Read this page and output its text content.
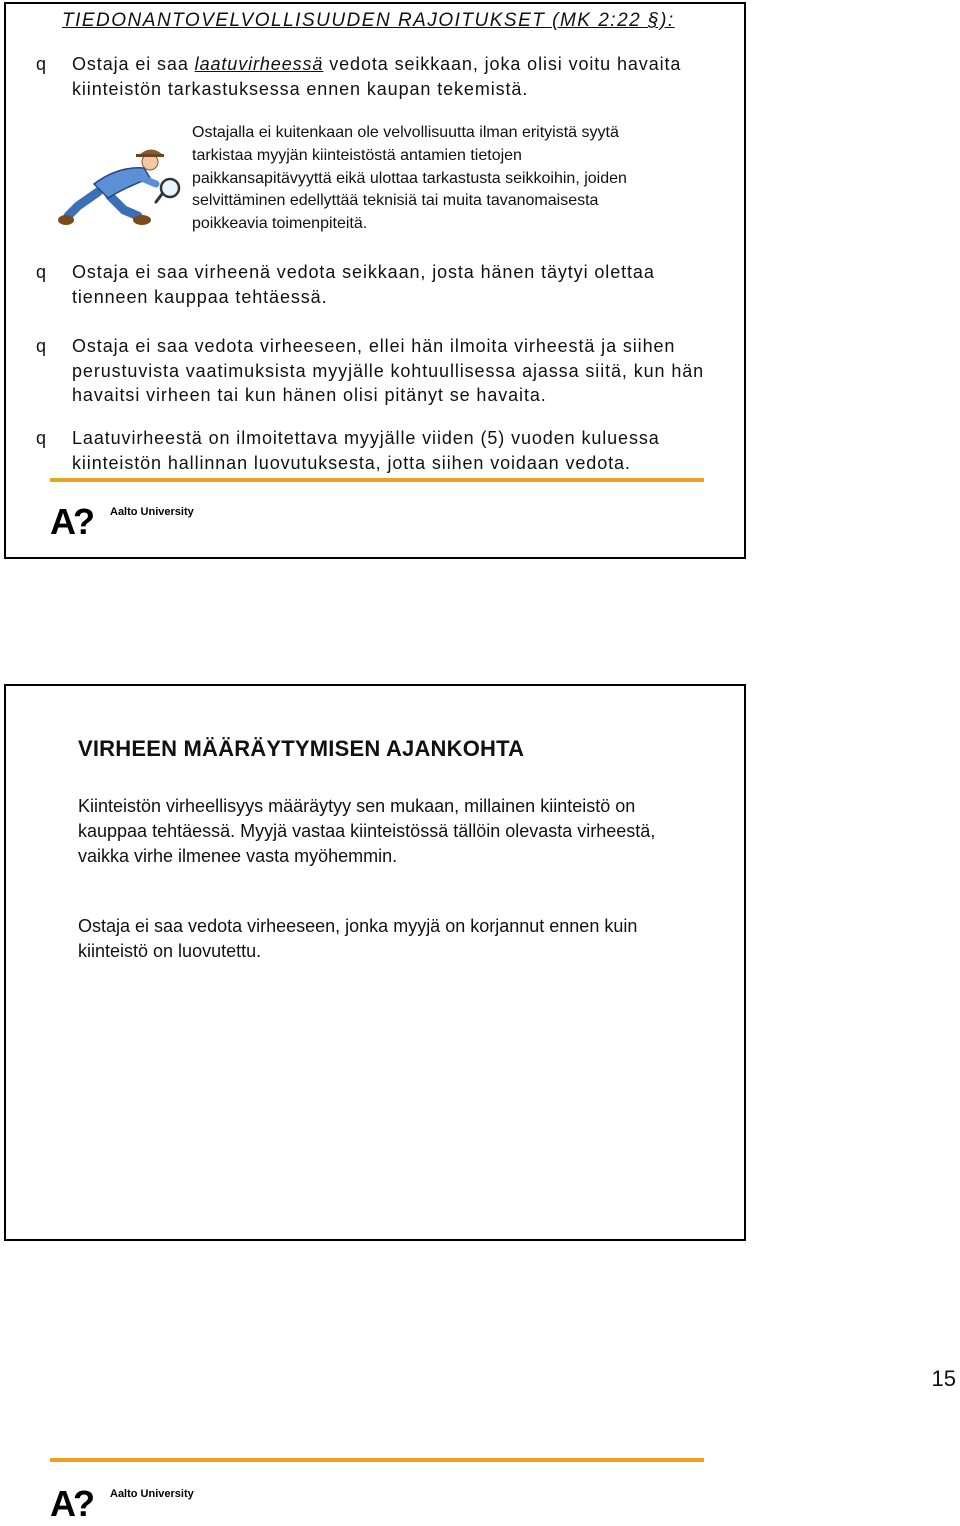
TIEDONANTOVELVOLLISUUDEN RAJOITUKSET (MK 2:22 §):
q Ostaja ei saa laatuvirheessä vedota seikkaan, joka olisi voitu havaita kiinteistön tarkastuksessa ennen kaupan tekemistä.
Ostajalla ei kuitenkaan ole velvollisuutta ilman erityistä syytä tarkistaa myyjän kiinteistöstä antamien tietojen paikkansapitävyyttä eikä ulottaa tarkastusta seikkoihin, joiden selvittäminen edellyttää teknisiä tai muita tavanomaisesta poikkeavia toimenpiteitä.
q Ostaja ei saa virheenä vedota seikkaan, josta hänen täytyi olettaa tienneen kauppaa tehtäessä.
q Ostaja ei saa vedota virheeseen, ellei hän ilmoita virheestä ja siihen perustuvista vaatimuksista myyjälle kohtuullisessa ajassa siitä, kun hän havaitsi virheen tai kun hänen olisi pitänyt se havaita.
q Laatuvirheestä on ilmoitettava myyjälle viiden (5) vuoden kuluessa kiinteistön hallinnan luovutuksesta, jotta siihen voidaan vedota.
A? Aalto University
VIRHEEN MÄÄRÄYTYMISEN AJANKOHTA
Kiinteistön virheellisyys määräytyy sen mukaan, millainen kiinteistö on kauppaa tehtäessä. Myyjä vastaa kiinteistössä tällöin olevasta virheestä, vaikka virhe ilmenee vasta myöhemmin.
Ostaja ei saa vedota virheeseen, jonka myyjä on korjannut ennen kuin kiinteistö on luovutettu.
A? Aalto University
15
